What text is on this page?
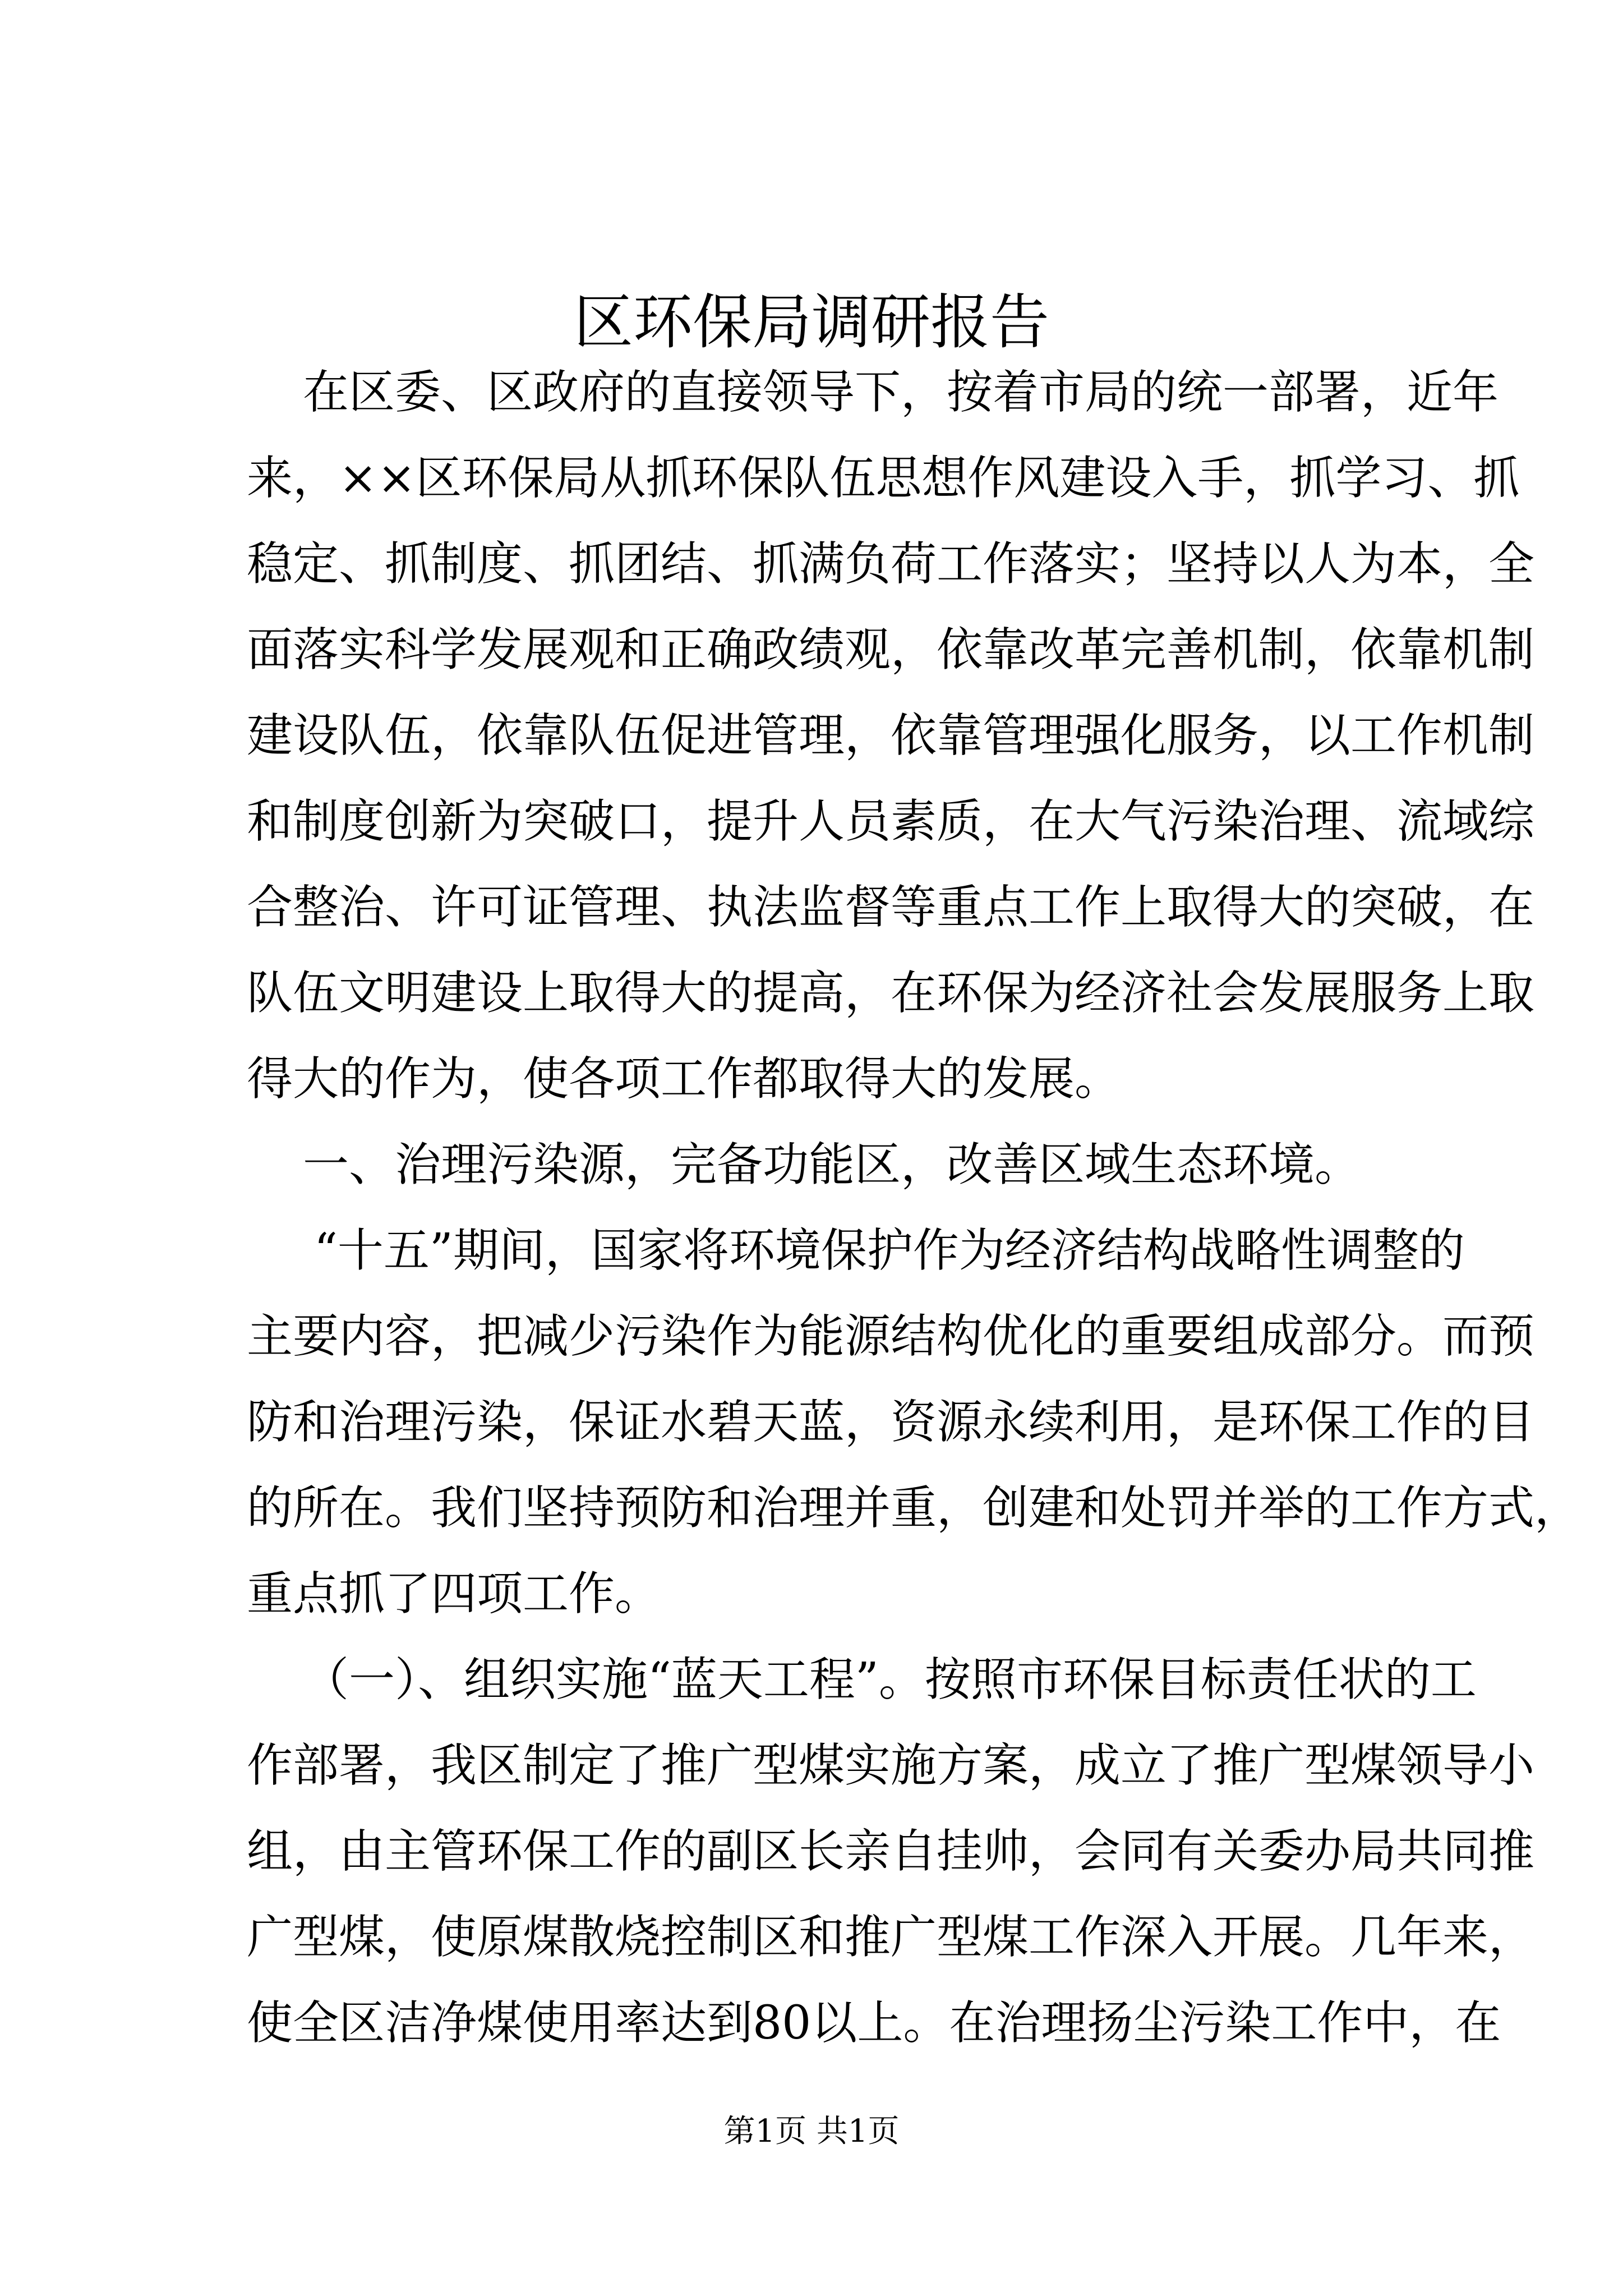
区环保局调研报告
在区委、区政府的直接领导下，按着市局的统一部署，近年
来，××区环保局从抓环保队伍思想作风建设入手，抓学习、抓
稳定、抓制度、抓团结、抓满负荷工作落实；坚持以人为本，全
面落实科学发展观和正确政绩观，依靠改革完善机制，依靠机制
建设队伍，依靠队伍促进管理，依靠管理强化服务，以工作机制
和制度创新为突破口，提升人员素质，在大气污染治理、流域综
合整治、许可证管理、执法监督等重点工作上取得大的突破，在
队伍文明建设上取得大的提高，在环保为经济社会发展服务上取
得大的作为，使各项工作都取得大的发展。
一、治理污染源，完备功能区，改善区域生态环境。
“十五”期间，国家将环境保护作为经济结构战略性调整的
主要内容，把减少污染作为能源结构优化的重要组成部分。而预
防和治理污染，保证水碧天蓝，资源永续利用，是环保工作的目
的所在。我们坚持预防和治理并重，创建和处罚并举的工作方式，
重点抓了四项工作。
（一）、组织实施“蓝天工程”。按照市环保目标责任状的工
作部署，我区制定了推广型煤实施方案，成立了推广型煤领导小
组，由主管环保工作的副区长亲自挂帅，会同有关委办局共同推
广型煤，使原煤散烧控制区和推广型煤工作深入开展。几年来，
使全区洁净煤使用率达到80以上。在治理扬尘污染工作中，在
第1页 共1页
